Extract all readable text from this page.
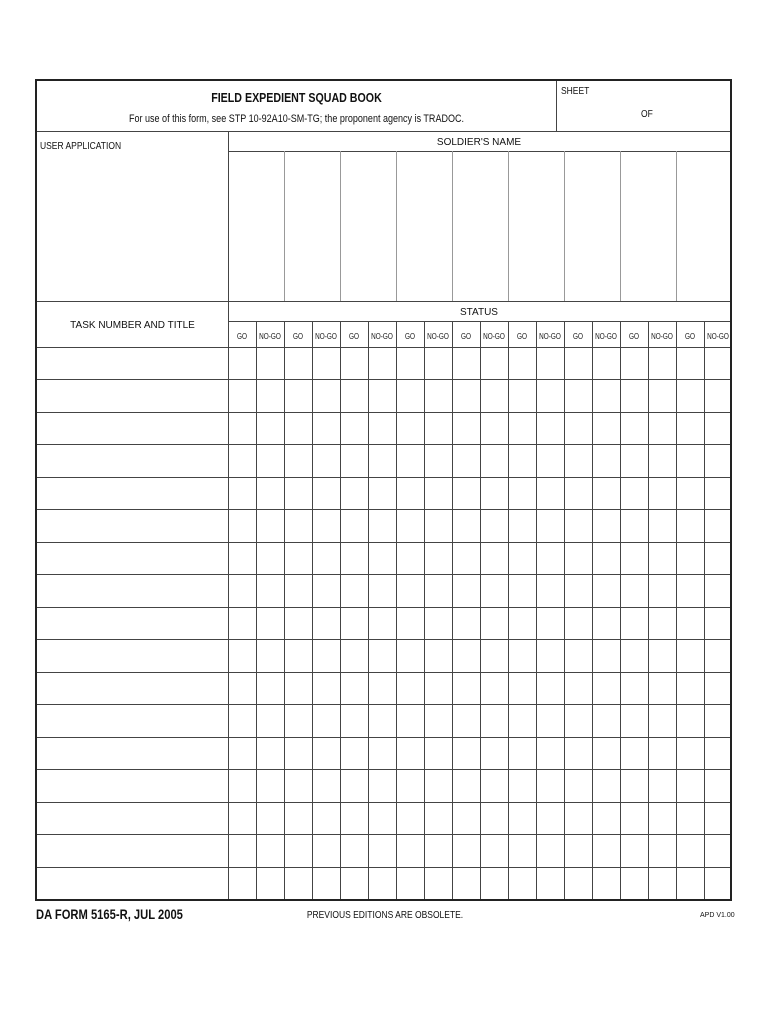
FIELD EXPEDIENT SQUAD BOOK
For use of this form, see STP 10-92A10-SM-TG; the proponent agency is TRADOC.
SHEET
OF
USER APPLICATION	SOLDIER'S NAME
TASK NUMBER AND TITLE
STATUS
GO	NO-GO	GO	NO-GO	GO	NO-GO	GO	NO-GO	GO	NO-GO	GO	NO-GO	GO	NO-GO	GO	NO-GO	GO	NO-GO
DA FORM 5165-R, JUL 2005	PREVIOUS EDITIONS ARE OBSOLETE.	APD V1.00
